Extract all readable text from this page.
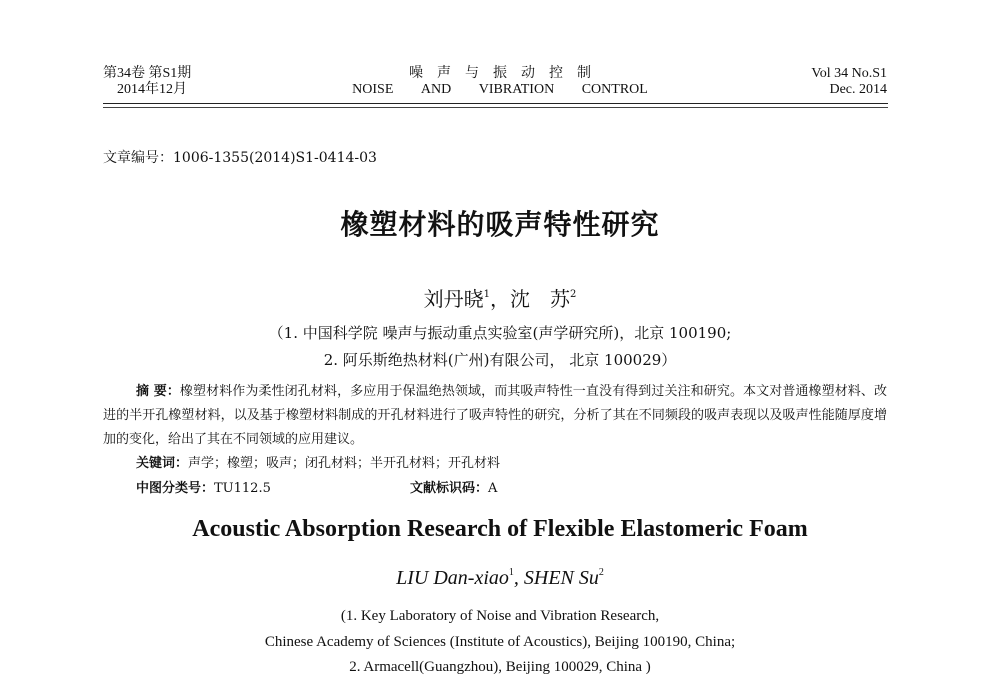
第34卷 第S1期
2014年12月
噪声与振动控制
NOISE AND VIBRATION CONTROL
Vol 34 No.S1
Dec. 2014
文章编号：1006-1355(2014)S1-0414-03
橡塑材料的吸声特性研究
刘丹晓$^1$，沈　苏$^2$
（1. 中国科学院 噪声与振动重点实验室(声学研究所)，北京 100190;
2. 阿乐斯绝热材料(广州)有限公司， 北京 100029）

摘 要：橡塑材料作为柔性闭孔材料，多应用于保温绝热领域，而其吸声特性一直没有得到过关注和研究。本文对普通橡塑材料、改进的半开孔橡塑材料，以及基于橡塑材料制成的开孔材料进行了吸声特性的研究，分析了其在不同频段的吸声表现以及吸声性能随厚度增加的变化，给出了其在不同领域的应用建议。

关键词：声学；橡塑；吸声；闭孔材料；半开孔材料；开孔材料
中图分类号：TU112.5	文献标识码：A
Acoustic Absorption Research of Flexible Elastomeric Foam
LIU Dan-xiao$^1$, SHEN Su$^2$
(1. Key Laboratory of Noise and Vibration Research,
Chinese Academy of Sciences (Institute of Acoustics), Beijing 100190, China;
2. Armacell(Guangzhou), Beijing 100029, China )
